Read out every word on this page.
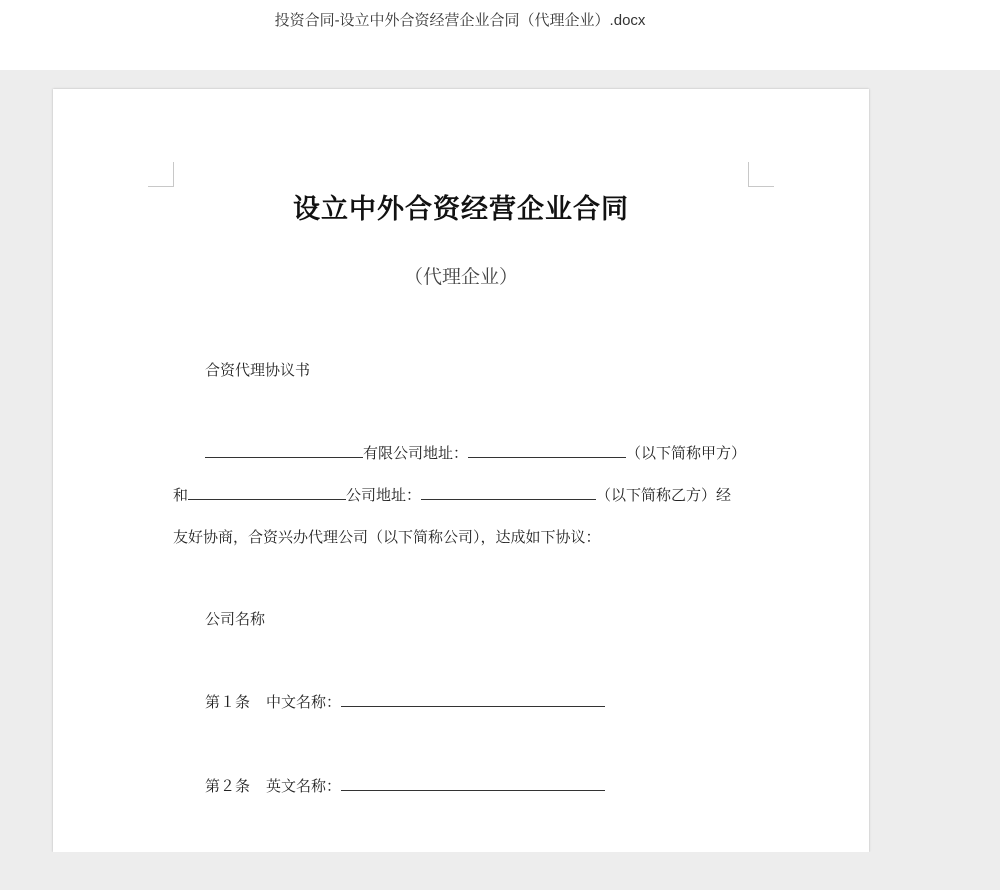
投资合同-设立中外合资经营企业合同（代理企业）.docx
设立中外合资经营企业合同
（代理企业）
合资代理协议书
有限公司地址：	（以下简称甲方）
和	公司地址：	（以下简称乙方）经
友好协商，合资兴办代理公司（以下简称公司），达成如下协议：
公司名称
第１条 中文名称：
第２条 英文名称：
